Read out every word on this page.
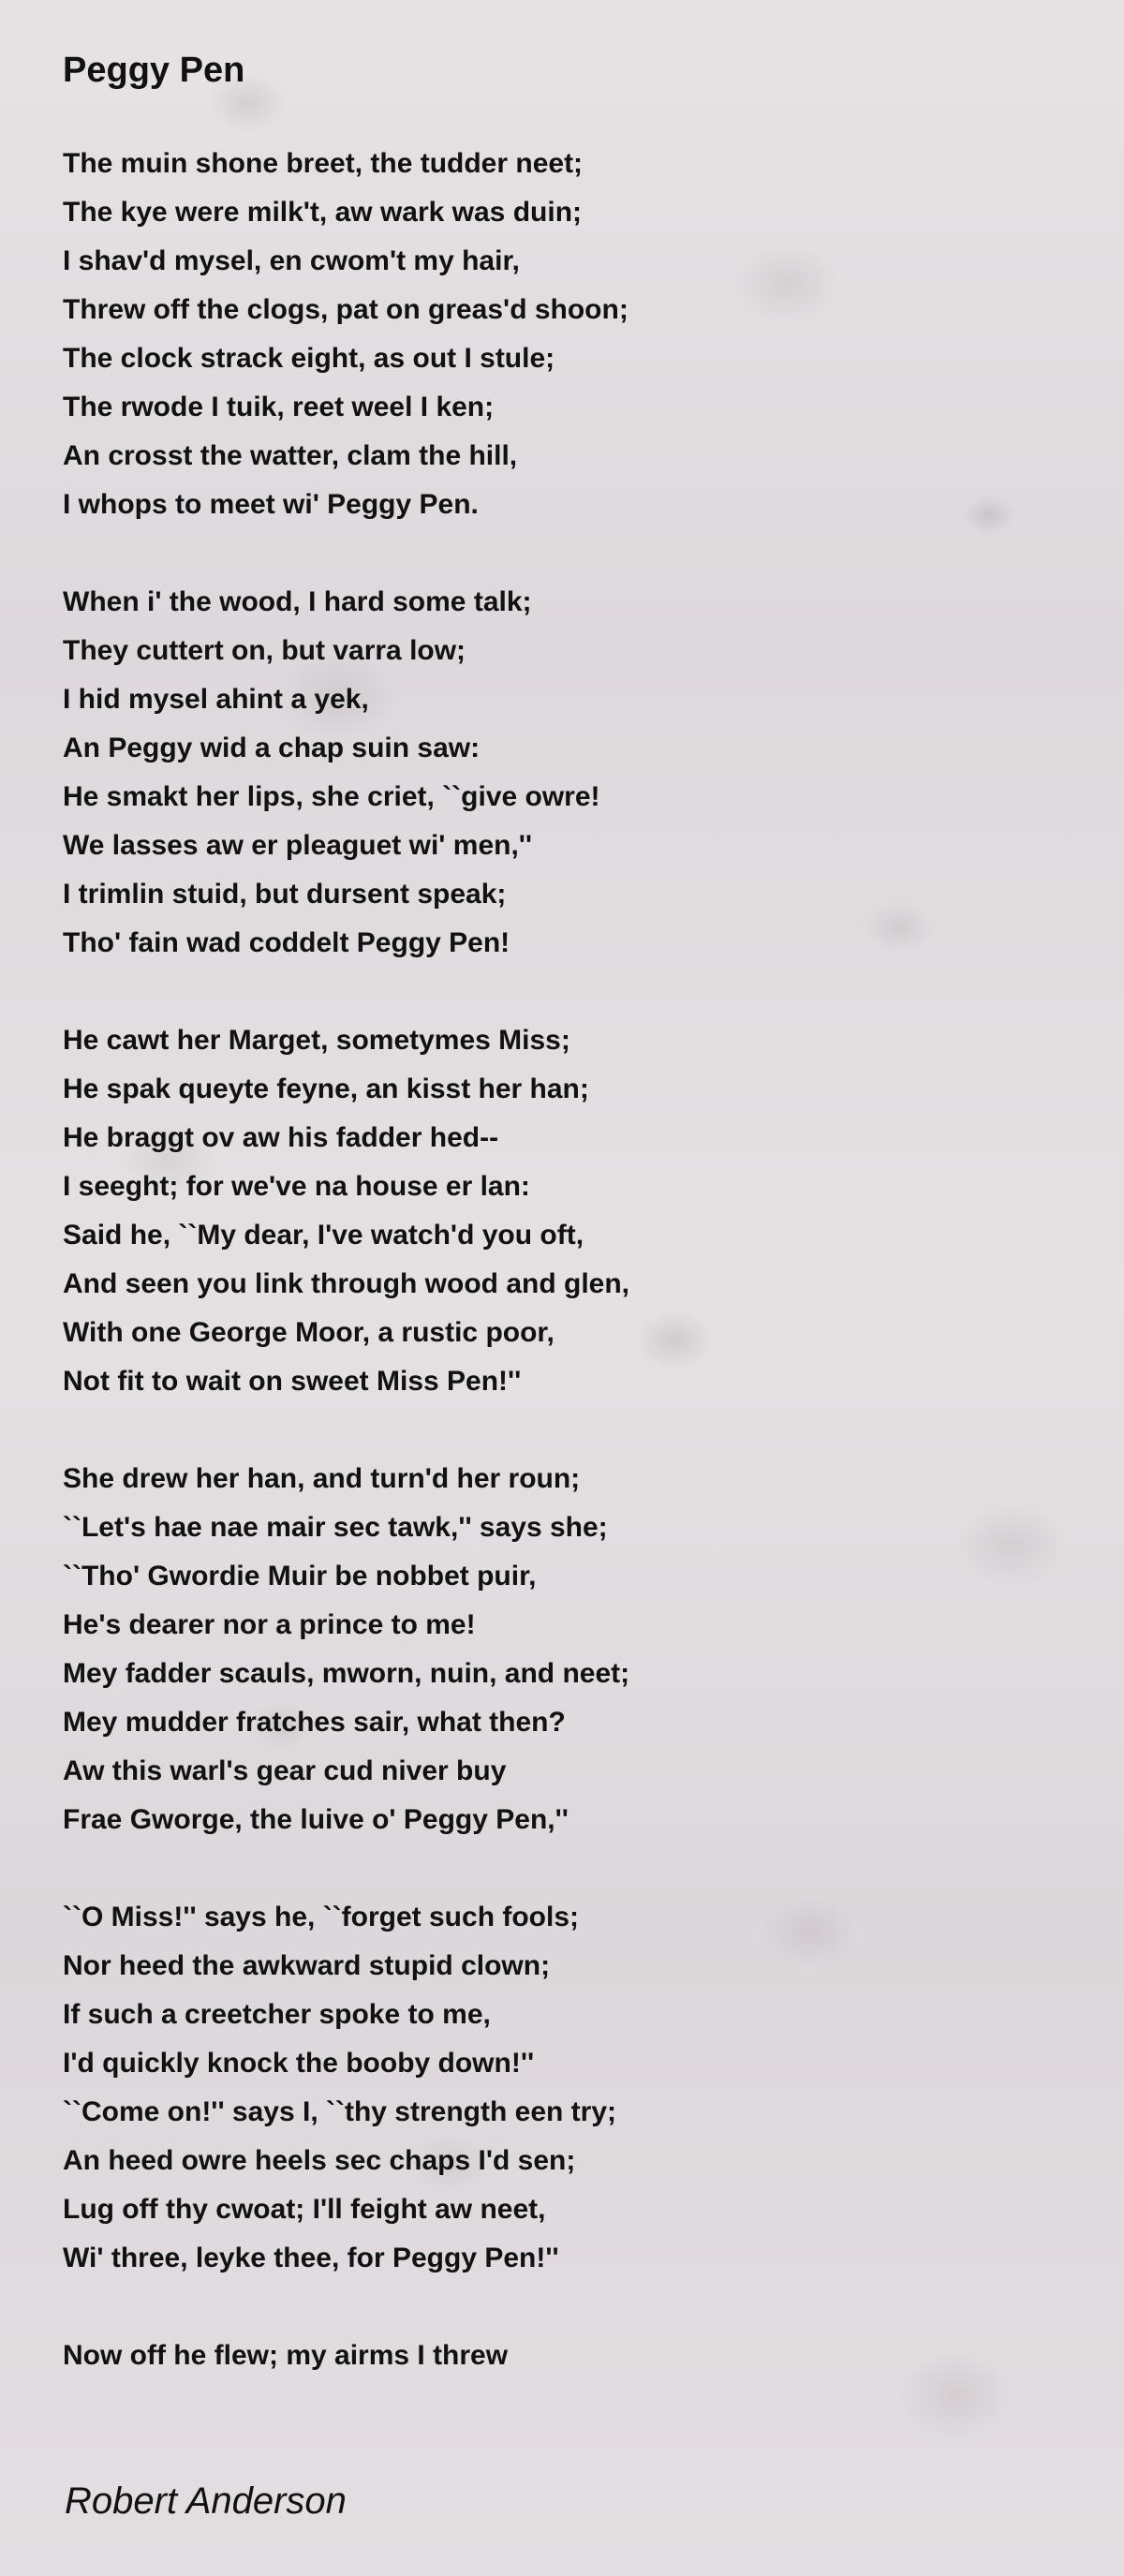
Peggy Pen
The muin shone breet, the tudder neet;
The kye were milk't, aw wark was duin;
I shav'd mysel, en cwom't my hair,
Threw off the clogs, pat on greas'd shoon;
The clock strack eight, as out I stule;
The rwode I tuik, reet weel I ken;
An crosst the watter, clam the hill,
I whops to meet wi' Peggy Pen.
When i' the wood, I hard some talk;
They cuttert on, but varra low;
I hid mysel ahint a yek,
An Peggy wid a chap suin saw:
He smakt her lips, she criet, ``give owre!
We lasses aw er pleaguet wi' men,''
I trimlin stuid, but dursent speak;
Tho' fain wad coddelt Peggy Pen!
He cawt her Marget, sometymes Miss;
He spak queyte feyne, an kisst her han;
He braggt ov aw his fadder hed--
I seeght; for we've na house er lan:
Said he, ``My dear, I've watch'd you oft,
And seen you link through wood and glen,
With one George Moor, a rustic poor,
Not fit to wait on sweet Miss Pen!''
She drew her han, and turn'd her roun;
``Let's hae nae mair sec tawk,'' says she;
``Tho' Gwordie Muir be nobbet puir,
He's dearer nor a prince to me!
Mey fadder scauls, mworn, nuin, and neet;
Mey mudder fratches sair, what then?
Aw this warl's gear cud niver buy
Frae Gworge, the luive o' Peggy Pen,''
``O Miss!'' says he, ``forget such fools;
Nor heed the awkward stupid clown;
If such a creetcher spoke to me,
I'd quickly knock the booby down!''
``Come on!'' says I, ``thy strength een try;
An heed owre heels sec chaps I'd sen;
Lug off thy cwoat; I'll feight aw neet,
Wi' three, leyke thee, for Peggy Pen!''
Now off he flew; my airms I threw

Robert Anderson
